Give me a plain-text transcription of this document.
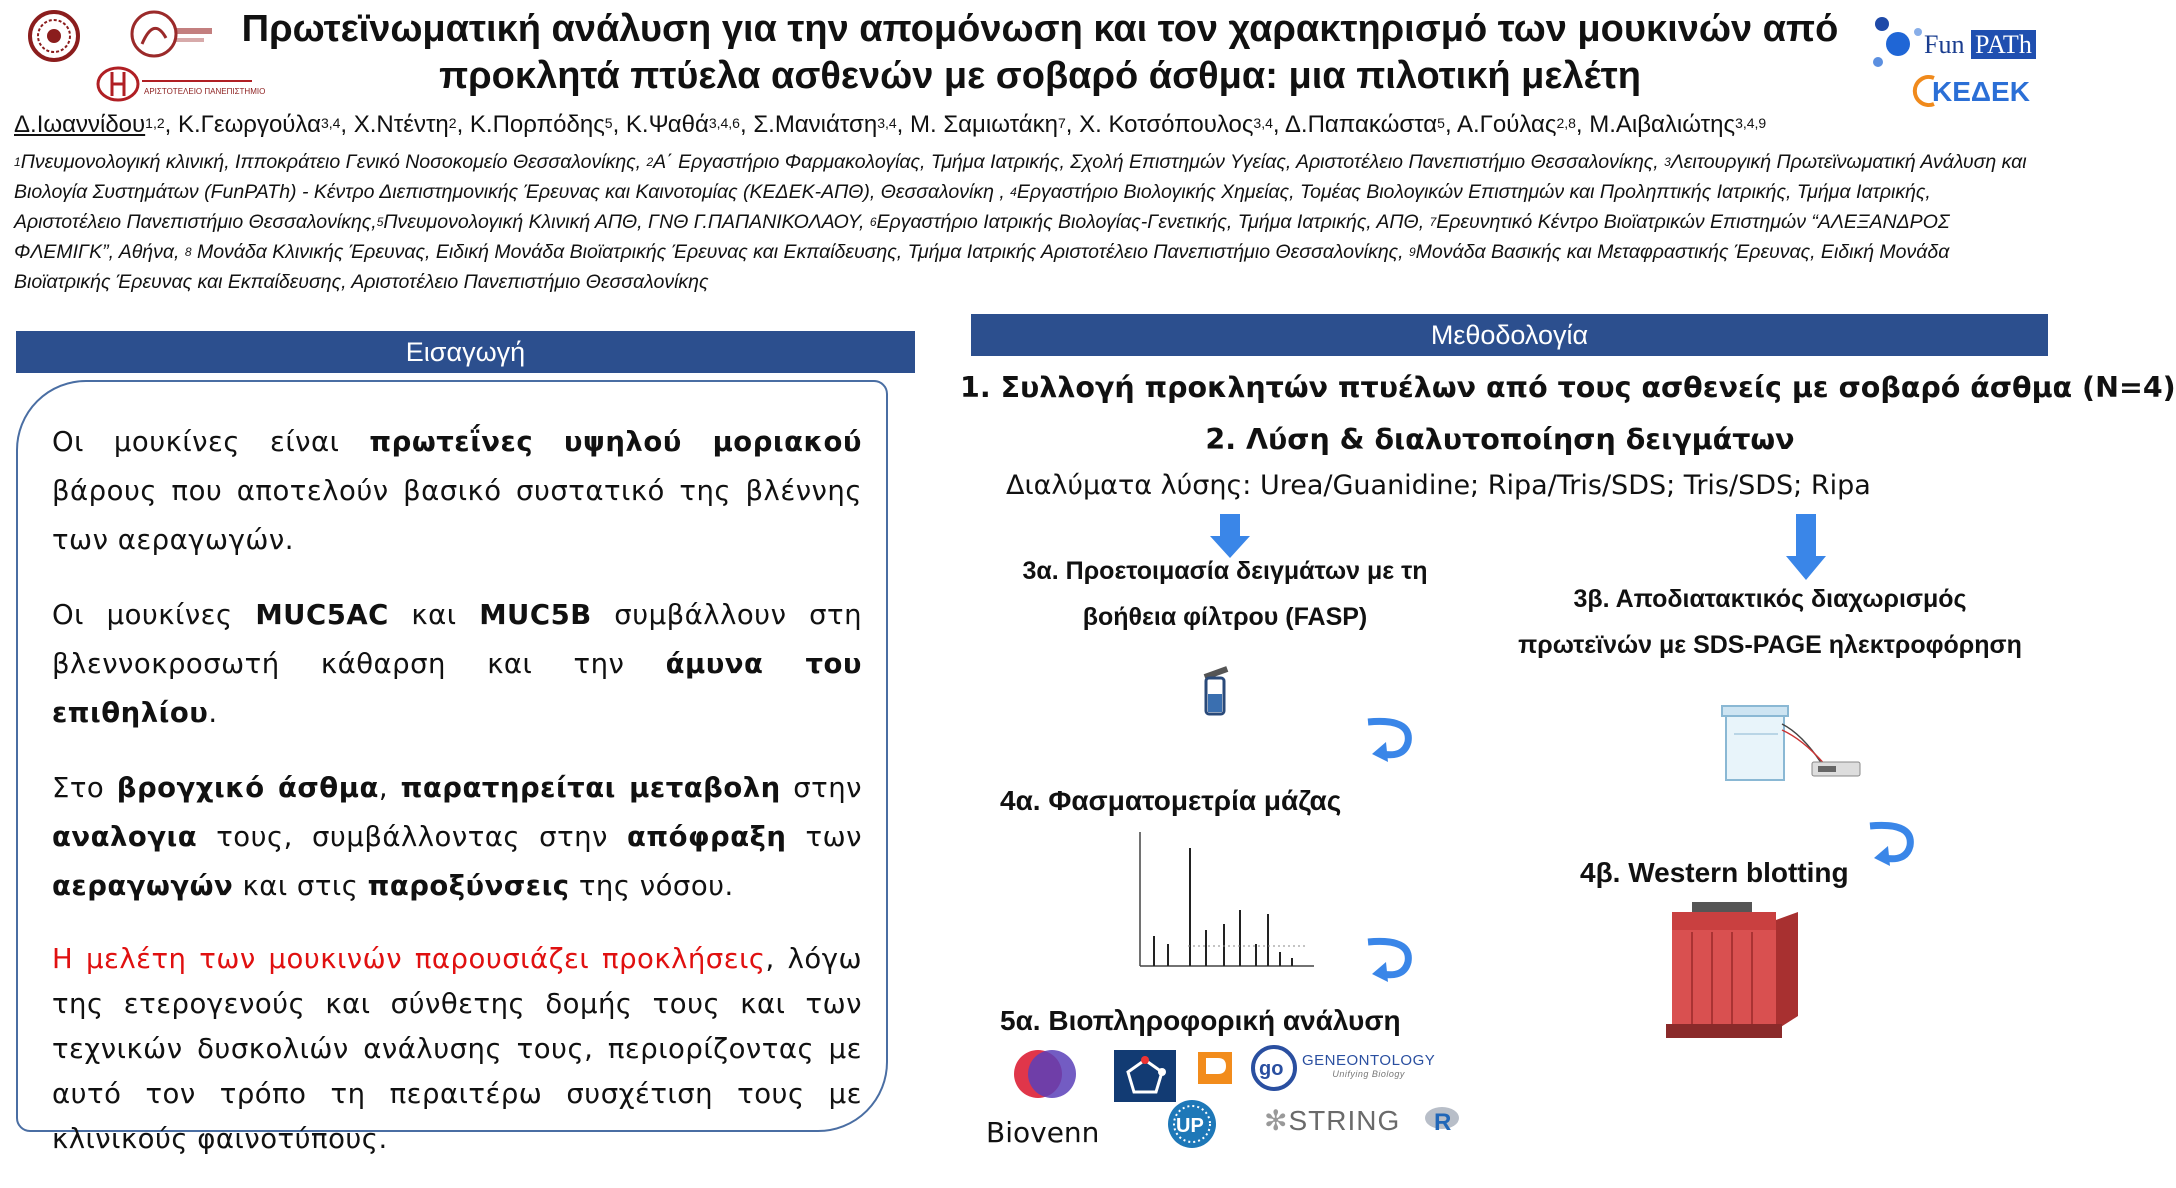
ΑΡΙΣΤΟΤΕΛΕΙΟ ΠΑΝΕΠΙΣΤΗΜΙΟ
Πρωτεϊνωματική ανάλυση για την απομόνωση και τον χαρακτηρισμό των μουκινών από
προκλητά πτύελα ασθενών με σοβαρό άσθμα: μια πιλοτική μελέτη
Fun PATh
ΚΕΔΕΚ
Δ.Ιωαννίδου$^{1,2}$, Κ.Γεωργούλα$^{3,4}$, Χ.Ντέντη$^2$, Κ.Πορπόδης$^5$, Κ.Ψαθά$^{3,4,6}$, Σ.Μανιάτση$^{3,4}$, Μ. Σαμιωτάκη$^7$, Χ. Κοτσόπουλος$^{3,4}$, Δ.Παπακώστα$^5$, Α.Γούλας$^{2,8}$, Μ.Αιβαλιώτης$^{3,4,9}$
$^1$Πνευμονολογική κλινική, Ιπποκράτειο Γενικό Νοσοκομείο Θεσσαλονίκης, $^2$Α΄ Εργαστήριο Φαρμακολογίας, Τμήμα Ιατρικής, Σχολή Επιστημών Υγείας, Αριστοτέλειο Πανεπιστήμιο Θεσσαλονίκης, $^3$Λειτουργική Πρωτεϊνωματική Ανάλυση και Βιολογία Συστημάτων (FunPATh) - Κέντρο Διεπιστημονικής Έρευνας και Καινοτομίας (ΚΕΔΕΚ-ΑΠΘ), Θεσσαλονίκη , $^4$Εργαστήριο Βιολογικής Χημείας, Τομέας Βιολογικών Επιστημών και Προληπτικής Ιατρικής, Τμήμα Ιατρικής, Αριστοτέλειο Πανεπιστήμιο Θεσσαλονίκης,$^5$Πνευμονολογική Κλινική ΑΠΘ, ΓΝΘ Γ.ΠΑΠΑΝΙΚΟΛΑΟΥ, $^6$Εργαστήριο Ιατρικής Βιολογίας-Γενετικής, Τμήμα Ιατρικής, ΑΠΘ, $^7$Ερευνητικό Κέντρο Βιοϊατρικών Επιστημών “ΑΛΕΞΑΝΔΡΟΣ ΦΛΕΜΙΓΚ”, Αθήνα, $^8$ Μονάδα Κλινικής Έρευνας, Ειδική Μονάδα Βιοϊατρικής Έρευνας και Εκπαίδευσης, Τμήμα Ιατρικής Αριστοτέλειο Πανεπιστήμιο Θεσσαλονίκης, $^9$Μονάδα Βασικής και Μεταφραστικής Έρευνας, Ειδική Μονάδα Βιοϊατρικής Έρευνας και Εκπαίδευσης, Αριστοτέλειο Πανεπιστήμιο Θεσσαλονίκης
Εισαγωγή

Οι μουκίνες είναι πρωτεΐνες υψηλού μοριακού βάρους που αποτελούν βασικό συστατικό της βλέννης των αεραγωγών.

Οι μουκίνες MUC5AC και MUC5B συμβάλλουν στη βλεννοκροσωτή κάθαρση και την άμυνα του επιθηλίου.

Στο βρογχικό άσθμα, παρατηρείται μεταβολη στην αναλογια τους, συμβάλλοντας στην απόφραξη των αεραγωγών και στις παροξύνσεις της νόσου.

Η μελέτη των μουκινών παρουσιάζει προκλήσεις, λόγω της ετερογενούς και σύνθετης δομής τους και των τεχνικών δυσκολιών ανάλυσης τους, περιορίζοντας με αυτό τον τρόπο τη περαιτέρω συσχέτιση τους με κλινικούς φαινοτύπους.

Μεθοδολογία
1. Συλλογή προκλητών πτυέλων από τους ασθενείς με σοβαρό άσθμα (Ν=4)
2. Λύση & διαλυτοποίηση δειγμάτων
Διαλύματα λύσης: Urea/Guanidine; Ripa/Tris/SDS; Tris/SDS; Ripa
3α. Προετοιμασία δειγμάτων με τη
βοήθεια φίλτρου (FASP)
3β. Αποδιατακτικός διαχωρισμός
πρωτεϊνών με SDS-PAGE ηλεκτροφόρηση
4α. Φασματομετρία μάζας
4β. Western blotting
5α. Βιοπληροφορική ανάλυση
Biovenn
go GENEONTOLOGY
Unifying Biology
UP ✻STRING R
